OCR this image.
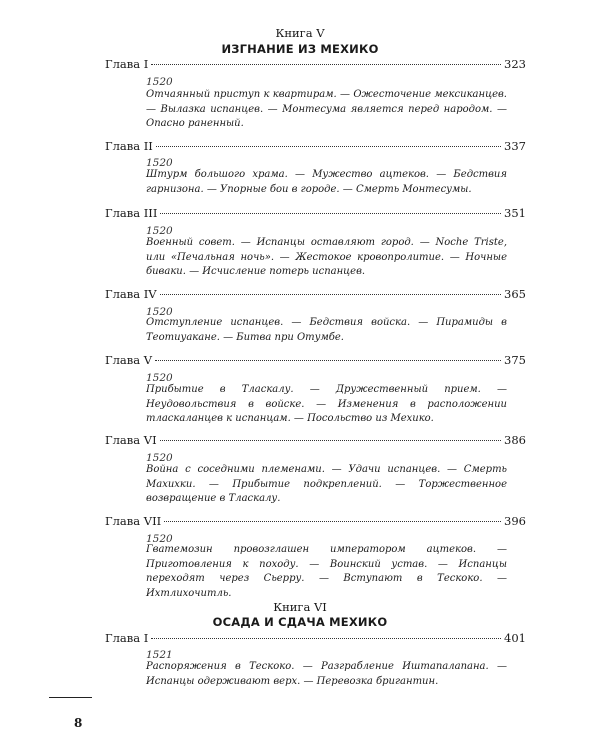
Книга V
ИЗГНАНИЕ ИЗ МЕХИКО
Глава I	323
1520
Отчаянный приступ к квартирам. — Ожесточение мексиканцев. — Вылазка испанцев. — Монтесума является перед народом. — Опасно раненный.
Глава II	337
1520
Штурм большого храма. — Мужество ацтеков. — Бедствия гарнизона. — Упорные бои в городе. — Смерть Монтесумы.
Глава III	351
1520
Военный совет. — Испанцы оставляют город. — Noche Triste, или «Печальная ночь». — Жестокое кровопролитие. — Ночные биваки. — Исчисление потерь испанцев.
Глава IV	365
1520
Отступление испанцев. — Бедствия войска. — Пирамиды в Теотиуакане. — Битва при Отумбе.
Глава V	375
1520
Прибытие в Тласкалу. — Дружественный прием. — Неудовольствия в войске. — Изменения в расположении тласкаланцев к испанцам. — Посольство из Мехико.
Глава VI	386
1520
Война с соседними племенами. — Удачи испанцев. — Смерть Махихки. — Прибытие подкреплений. — Торжественное возвращение в Тласкалу.
Глава VII	396
1520
Гватемозин провозглашен императором ацтеков. — Приготовления к походу. — Воинский устав. — Испанцы переходят через Сьерру. — Вступают в Тескоко. — Ихтлихочитль.
Книга VI
ОСАДА И СДАЧА МЕХИКО
Глава I	401
1521
Распоряжения в Тескоко. — Разграбление Иштапалапана. — Испанцы одерживают верх. — Перевозка бригантин.
8
